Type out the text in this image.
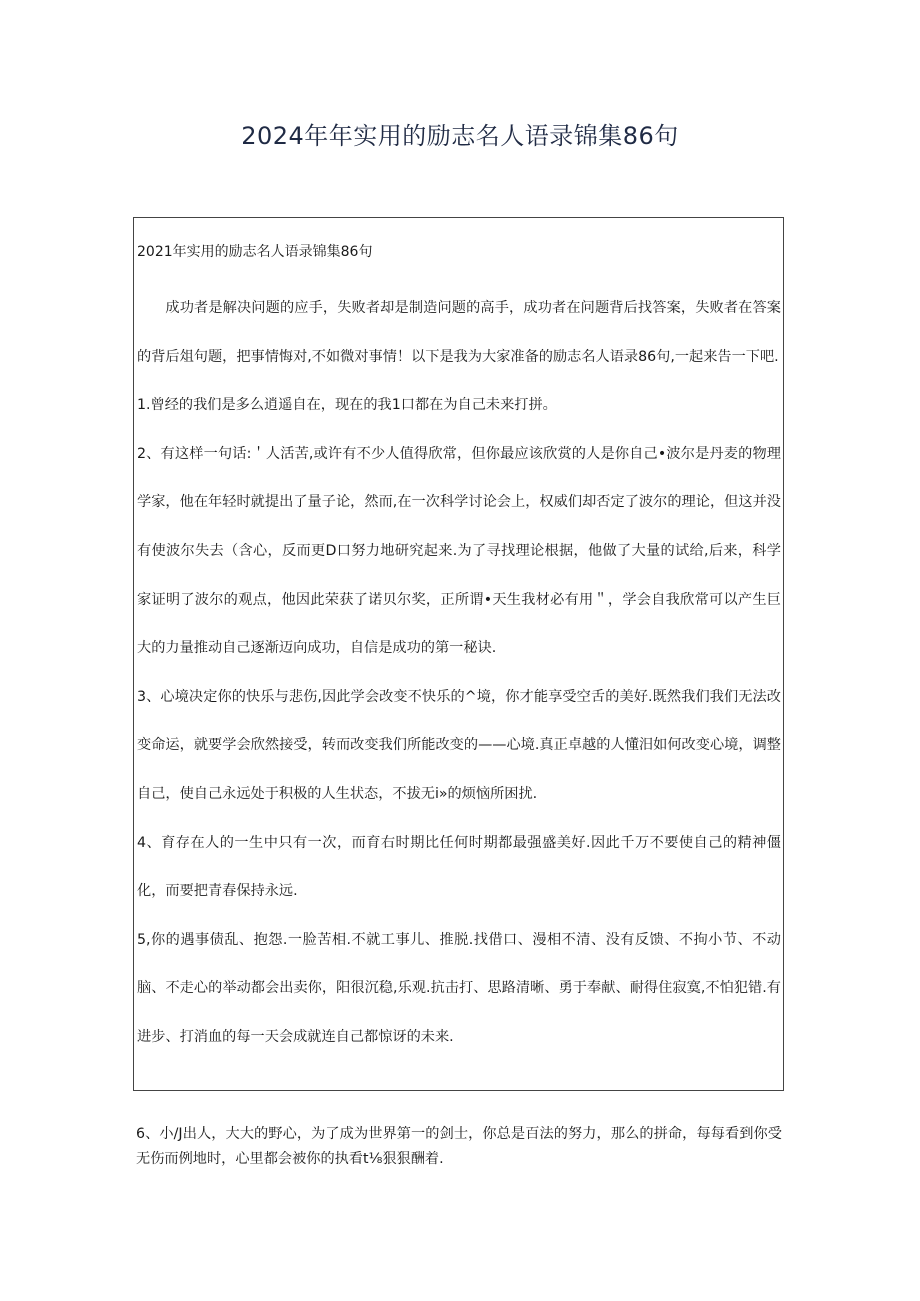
2024年年实用的励志名人语录锦集86句
2021年实用的励志名人语录锦集86句

成功者是解决问题的应手，失败者却是制造问题的高手，成功者在问题背后找答案，失败者在答案的背后俎句题，把事情悔对,不如微对事情！以下是我为大家准备的励志名人语录86句,一起来告一下吧.

1.曾经的我们是多么逍遥自在，现在的我1口都在为自己未来打拼。

2、有这样一句话:＇人活苦,或许有不少人值得欣常，但你最应该欣赏的人是你自己•波尔是丹麦的物理学家，他在年轻时就提出了量子论，然而,在一次科学讨论会上，权威们却否定了波尔的理论，但这并没有使波尔失去（含心，反而更D口努力地研究起来.为了寻找理论根据，他做了大量的试给,后来，科学家证明了波尔的观点，他因此荣获了诺贝尔奖，正所谓•天生我材必有用＂，学会自我欣常可以产生巨大的力量推动自己逐渐迈向成功，自信是成功的第一秘诀.

3、心境决定你的快乐与悲伤,因此学会改变不快乐的^境，你才能享受空舌的美好.既然我们我们无法改变命运，就要学会欣然接受，转而改变我们所能改变的——心境.真正卓越的人懂汨如何改变心境，调整自己，使自己永远处于积极的人生状态，不拔无i»的烦恼所困扰.

4、育存在人的一生中只有一次，而育右时期比任何时期都最强盛美好.因此千万不要使自己的精神僵化，而要把青春保持永远.

5,你的遇事债乱、抱怨.一脸苦相.不就工事儿、推脱.找借口、漫相不清、没有反馈、不拘小节、不动脑、不走心的举动都会出卖你，阳很沉稳,乐观.抗击打、思路清晰、勇于奉献、耐得住寂寞,不怕犯错.有进步、打消血的每一天会成就连自己都惊讶的未来.

6、小/J出人，大大的野心，为了成为世界第一的剑士，你总是百法的努力，那么的拼命，每每看到你受无伤而例地时，心里都会被你的执看t⅛狠狠酬着.
